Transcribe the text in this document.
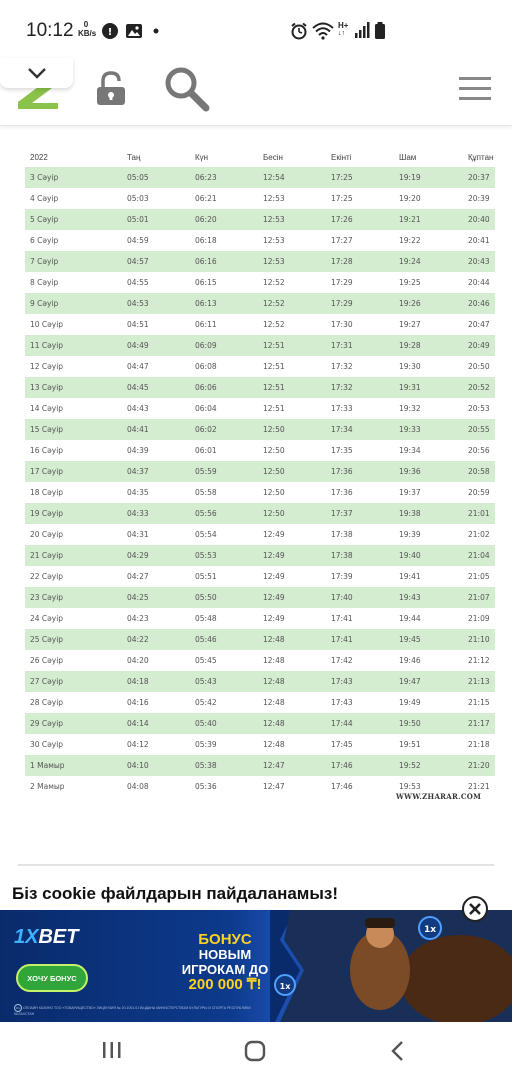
10:12	0
KB/s !
H+
↓↑
2022	Таң	Күн	Бесін	Екінті	Шам	Құптан
3 Сәуір	05:05	06:23	12:54	17:25	19:19	20:37
4 Сәуір	05:03	06:21	12:53	17:25	19:20	20:39
5 Сәуір	05:01	06:20	12:53	17:26	19:21	20:40
6 Сәуір	04:59	06:18	12:53	17:27	19:22	20:41
7 Сәуір	04:57	06:16	12:53	17:28	19:24	20:43
8 Сәуір	04:55	06:15	12:52	17:29	19:25	20:44
9 Сәуір	04:53	06:13	12:52	17:29	19:26	20:46
10 Сәуір	04:51	06:11	12:52	17:30	19:27	20:47
11 Сәуір	04:49	06:09	12:51	17:31	19:28	20:49
12 Сәуір	04:47	06:08	12:51	17:32	19:30	20:50
13 Сәуір	04:45	06:06	12:51	17:32	19:31	20:52
14 Сәуір	04:43	06:04	12:51	17:33	19:32	20:53
15 Сәуір	04:41	06:02	12:50	17:34	19:33	20:55
16 Сәуір	04:39	06:01	12:50	17:35	19:34	20:56
17 Сәуір	04:37	05:59	12:50	17:36	19:36	20:58
18 Сәуір	04:35	05:58	12:50	17:36	19:37	20:59
19 Сәуір	04:33	05:56	12:50	17:37	19:38	21:01
20 Сәуір	04:31	05:54	12:49	17:38	19:39	21:02
21 Сәуір	04:29	05:53	12:49	17:38	19:40	21:04
22 Сәуір	04:27	05:51	12:49	17:39	19:41	21:05
23 Сәуір	04:25	05:50	12:49	17:40	19:43	21:07
24 Сәуір	04:23	05:48	12:49	17:41	19:44	21:09
25 Сәуір	04:22	05:46	12:48	17:41	19:45	21:10
26 Сәуір	04:20	05:45	12:48	17:42	19:46	21:12
27 Сәуір	04:18	05:43	12:48	17:43	19:47	21:13
28 Сәуір	04:16	05:42	12:48	17:43	19:49	21:15
29 Сәуір	04:14	05:40	12:48	17:44	19:50	21:17
30 Сәуір	04:12	05:39	12:48	17:45	19:51	21:18
1 Мамыр	04:10	05:38	12:47	17:46	19:52	21:20
2 Мамыр	04:08	05:36	12:47	17:46	19:53	21:21
WWW.ZHARAR.COM
Біз cookie файлдарын пайдаланамыз!
1XBET
ХОЧУ БОНУС
18+ ОПЛАЙН КАЗИНО ТОО «ТОВАРИЩЕСТВО» ЛИЦЕНЗИЯ № 20.1001.01 ВЫДАНА МИНИСТЕРСТВОМ КУЛЬТУРЫ И СПОРТА РЕСПУБЛИКИ КАЗАХСТАН
БОНУС
НОВЫМ
ИГРОКАМ ДО
200 000 ₸!
1x
1x
